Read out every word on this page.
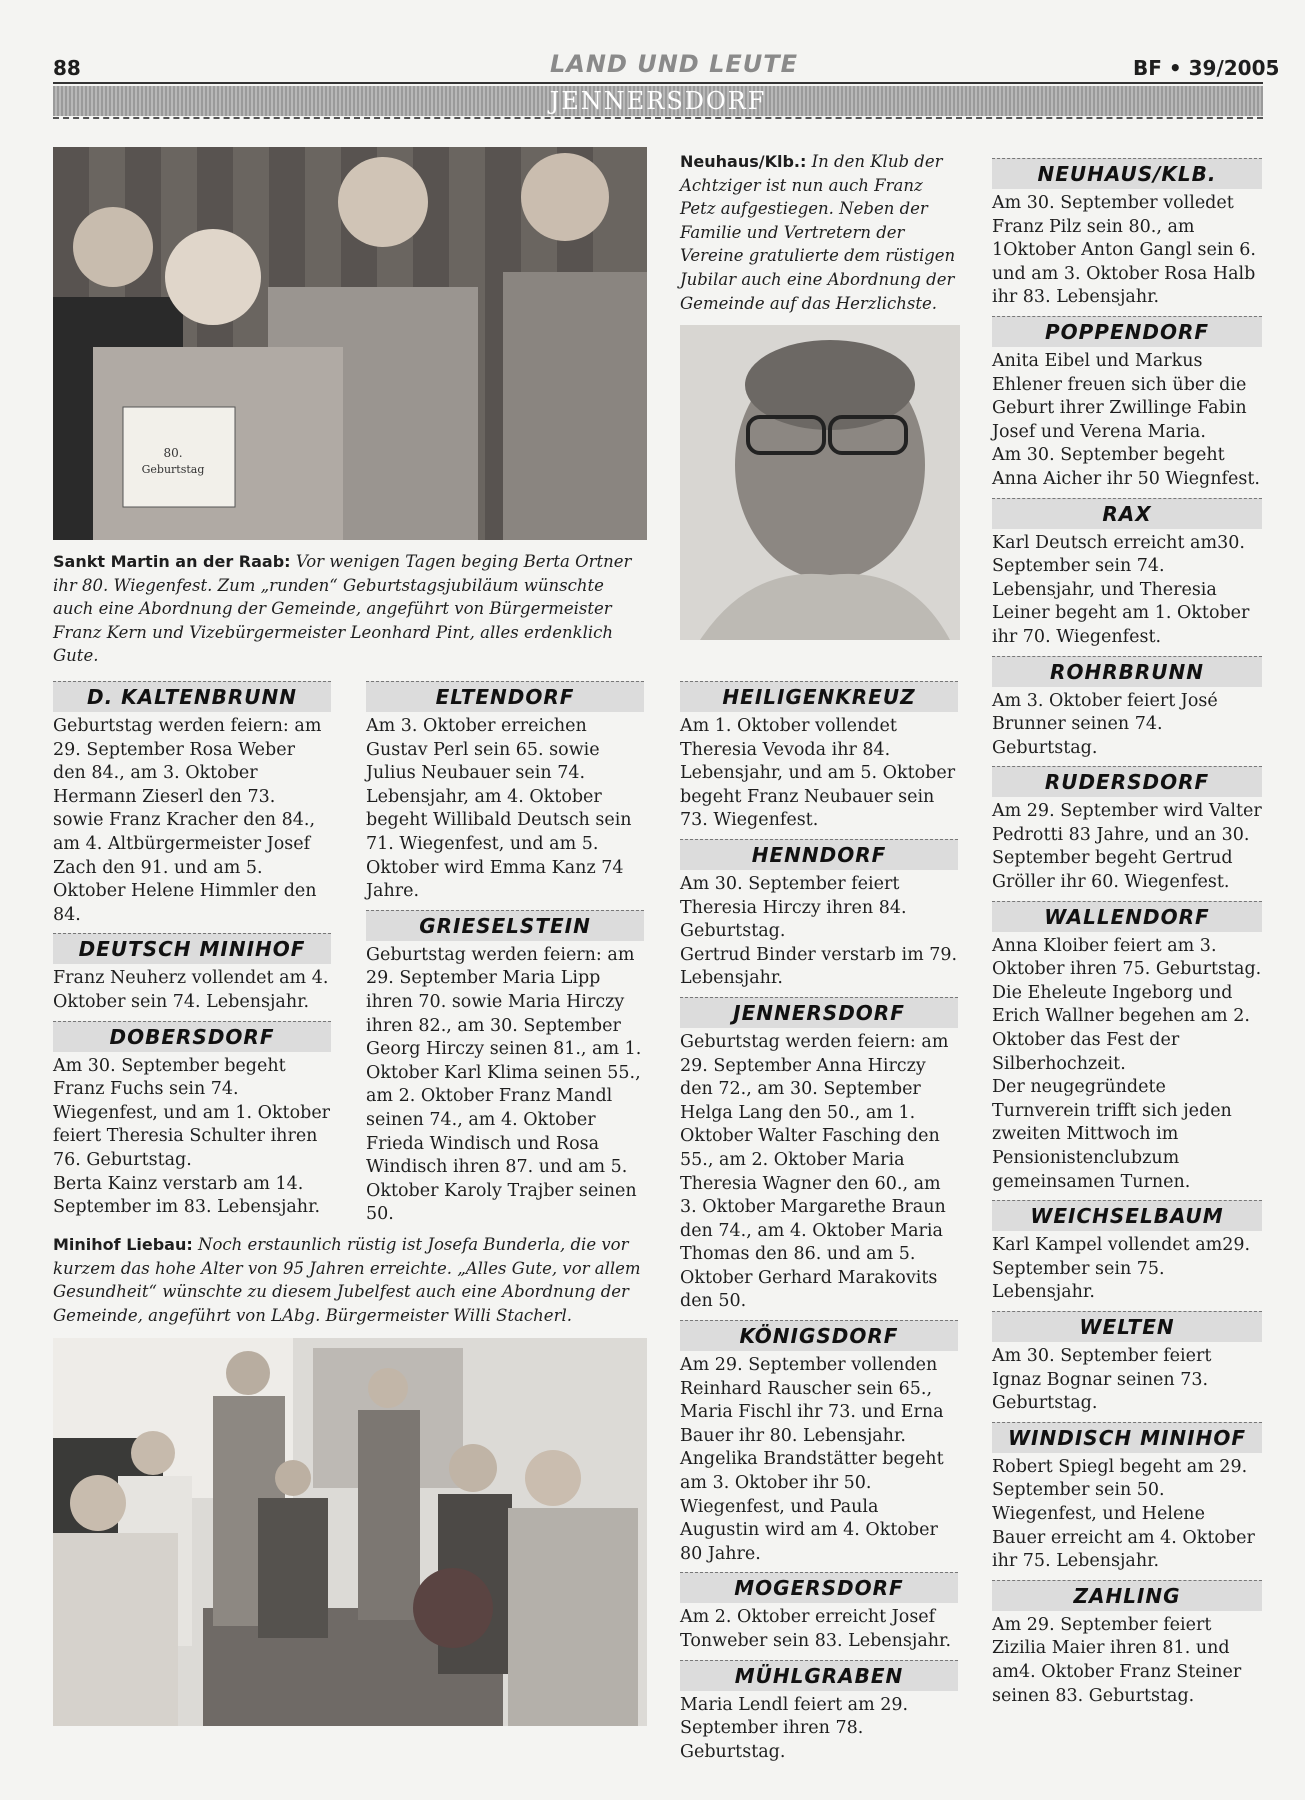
88	LAND UND LEUTE	BF • 39/2005
JENNERSDORF
80.
Geburtstag
Sankt Martin an der Raab: Vor wenigen Tagen beging Berta Ortner ihr 80. Wiegenfest. Zum „runden“ Geburtstagsjubiläum wünschte auch eine Abordnung der Gemeinde, angeführt von Bürgermeister Franz Kern und Vizebürgermeister Leonhard Pint, alles erdenklich Gute.
Neuhaus/Klb.: In den Klub der Achtziger ist nun auch Franz Petz aufgestiegen. Neben der Familie und Vertretern der Vereine gratulierte dem rüstigen Jubilar auch eine Abordnung der Gemeinde auf das Herzlichste.
D. KALTENBRUNN

Geburtstag werden feiern: am 29. September Rosa Weber den 84., am 3. Oktober Hermann Zieserl den 73. sowie Franz Kracher den 84., am 4. Altbürgermeister Josef Zach den 91. und am 5. Oktober Helene Himmler den 84.

DEUTSCH MINIHOF

Franz Neuherz vollendet am 4. Oktober sein 74. Lebensjahr.

DOBERSDORF

Am 30. September begeht Franz Fuchs sein 74. Wiegenfest, und am 1. Oktober feiert Theresia Schulter ihren 76. Geburtstag.
Berta Kainz verstarb am 14. September im 83. Lebensjahr.

ELTENDORF

Am 3. Oktober erreichen Gustav Perl sein 65. sowie Julius Neubauer sein 74. Lebensjahr, am 4. Oktober begeht Willibald Deutsch sein 71. Wiegenfest, und am 5. Oktober wird Emma Kanz 74 Jahre.

GRIESELSTEIN

Geburtstag werden feiern: am 29. September Maria Lipp ihren 70. sowie Maria Hirczy ihren 82., am 30. September Georg Hirczy seinen 81., am 1. Oktober Karl Klima seinen 55., am 2. Oktober Franz Mandl seinen 74., am 4. Oktober Frieda Windisch und Rosa Windisch ihren 87. und am 5. Oktober Karoly Trajber seinen 50.

Minihof Liebau: Noch erstaunlich rüstig ist Josefa Bunderla, die vor kurzem das hohe Alter von 95 Jahren erreichte. „Alles Gute, vor allem Gesundheit“ wünschte zu diesem Jubelfest auch eine Abordnung der Gemeinde, angeführt von LAbg. Bürgermeister Willi Stacherl.
HEILIGENKREUZ

Am 1. Oktober vollendet Theresia Vevoda ihr 84. Lebensjahr, und am 5. Oktober begeht Franz Neubauer sein 73. Wiegenfest.

HENNDORF

Am 30. September feiert Theresia Hirczy ihren 84. Geburtstag.
Gertrud Binder verstarb im 79. Lebensjahr.

JENNERSDORF

Geburtstag werden feiern: am 29. September Anna Hirczy den 72., am 30. September Helga Lang den 50., am 1. Oktober Walter Fasching den 55., am 2. Oktober Maria Theresia Wagner den 60., am 3. Oktober Margarethe Braun den 74., am 4. Oktober Maria Thomas den 86. und am 5. Oktober Gerhard Marakovits den 50.

KÖNIGSDORF

Am 29. September vollenden Reinhard Rauscher sein 65., Maria Fischl ihr 73. und Erna Bauer ihr 80. Lebensjahr.
Angelika Brandstätter begeht am 3. Oktober ihr 50. Wiegenfest, und Paula Augustin wird am 4. Oktober 80 Jahre.

MOGERSDORF

Am 2. Oktober erreicht Josef Tonweber sein 83. Lebensjahr.

MÜHLGRABEN

Maria Lendl feiert am 29. September ihren 78. Geburtstag.

NEUHAUS/KLB.

Am 30. September volledet Franz Pilz sein 80., am 1Oktober Anton Gangl sein 6. und am 3. Oktober Rosa Halb ihr 83. Lebensjahr.

POPPENDORF

Anita Eibel und Markus Ehlener freuen sich über die Geburt ihrer Zwillinge Fabin Josef und Verena Maria.
Am 30. September begeht Anna Aicher ihr 50 Wiegnfest.

RAX

Karl Deutsch erreicht am30. September sein 74. Lebensjahr, und Theresia Leiner begeht am 1. Oktober ihr 70. Wiegenfest.

ROHRBRUNN

Am 3. Oktober feiert José Brunner seinen 74. Geburtstag.

RUDERSDORF

Am 29. September wird Valter Pedrotti 83 Jahre, und an 30. September begeht Gertrud Gröller ihr 60. Wiegenfest.

WALLENDORF

Anna Kloiber feiert am 3. Oktober ihren 75. Geburtstag.
Die Eheleute Ingeborg und Erich Wallner begehen am 2. Oktober das Fest der Silberhochzeit.
Der neugegründete Turnverein trifft sich jeden zweiten Mittwoch im Pensionistenclubzum gemeinsamen Turnen.

WEICHSELBAUM

Karl Kampel vollendet am29. September sein 75. Lebensjahr.

WELTEN

Am 30. September feiert Ignaz Bognar seinen 73. Geburtstag.

WINDISCH MINIHOF

Robert Spiegl begeht am 29. September sein 50. Wiegenfest, und Helene Bauer erreicht am 4. Oktober ihr 75. Lebensjahr.

ZAHLING

Am 29. September feiert Zizilia Maier ihren 81. und am4. Oktober Franz Steiner seinen 83. Geburtstag.
